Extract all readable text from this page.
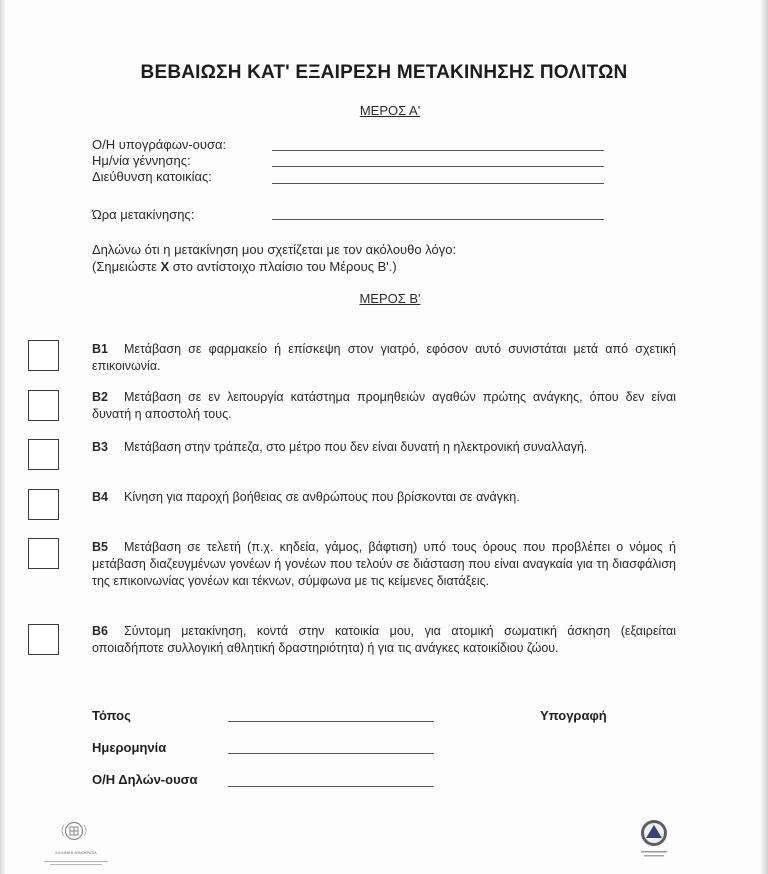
ΒΕΒΑΙΩΣΗ ΚΑΤ' ΕΞΑΙΡΕΣΗ ΜΕΤΑΚΙΝΗΣΗΣ ΠΟΛΙΤΩΝ
ΜΕΡΟΣ Α'
Ο/Η υπογράφων-ουσα:
Ημ/νία γέννησης:
Διεύθυνση κατοικίας:
Ώρα μετακίνησης:
Δηλώνω ότι η μετακίνηση μου σχετίζεται με τον ακόλουθο λόγο:
(Σημειώστε X στο αντίστοιχο πλαίσιο του Μέρους Β'.)
ΜΕΡΟΣ Β'
B1 Μετάβαση σε φαρμακείο ή επίσκεψη στον γιατρό, εφόσον αυτό συνιστάται μετά από σχετική επικοινωνία.
B2 Μετάβαση σε εν λειτουργία κατάστημα προμηθειών αγαθών πρώτης ανάγκης, όπου δεν είναι δυνατή η αποστολή τους.
B3 Μετάβαση στην τράπεζα, στο μέτρο που δεν είναι δυνατή η ηλεκτρονική συναλλαγή.
B4 Κίνηση για παροχή βοήθειας σε ανθρώπους που βρίσκονται σε ανάγκη.
B5 Μετάβαση σε τελετή (π.χ. κηδεία, γάμος, βάφτιση) υπό τους όρους που προβλέπει ο νόμος ή μετάβαση διαζευγμένων γονέων ή γονέων που τελούν σε διάσταση που είναι αναγκαία για τη διασφάλιση της επικοινωνίας γονέων και τέκνων, σύμφωνα με τις κείμενες διατάξεις.
B6 Σύντομη μετακίνηση, κοντά στην κατοικία μου, για ατομική σωματική άσκηση (εξαιρείται οποιαδήποτε συλλογική αθλητική δραστηριότητα) ή για τις ανάγκες κατοικίδιου ζώου.
Τόπος
Ημερομηνία
Ο/Η Δηλών-ουσα
Υπογραφή
ΕΛΛΗΝΙΚΗ ΔΗΜΟΚΡΑΤΙΑ
